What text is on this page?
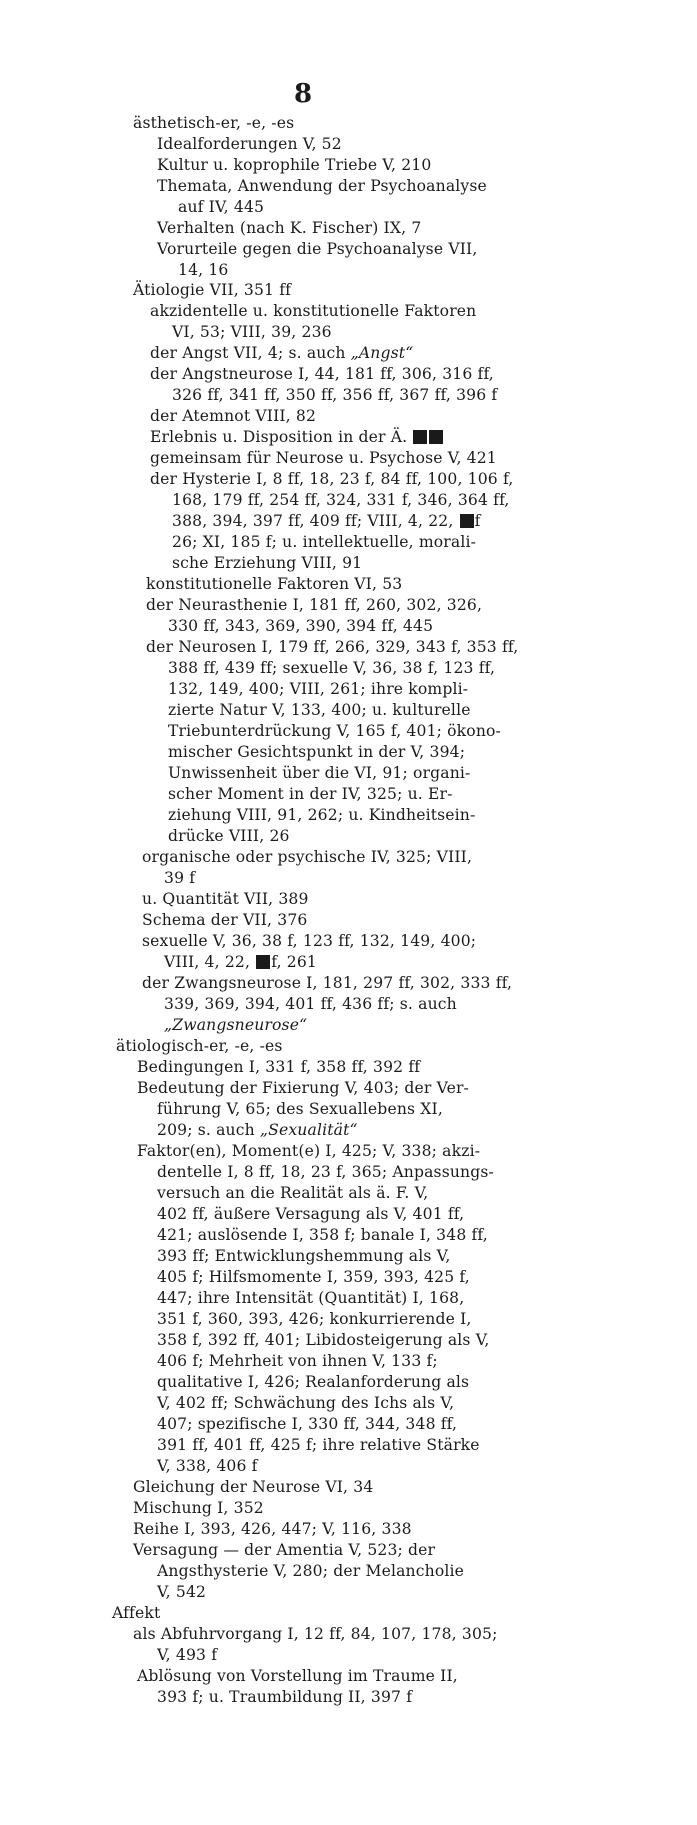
8
ästhetisch-er, -e, -es
Idealforderungen V, 52
Kultur u. koprophile Triebe V, 210
Themata, Anwendung der Psychoanalyse
auf IV, 445
Verhalten (nach K. Fischer) IX, 7
Vorurteile gegen die Psychoanalyse VII,
14, 16
Ätiologie VII, 351 ff
akzidentelle u. konstitutionelle Faktoren
VI, 53; VIII, 39, 236
der Angst VII, 4; s. auch „Angst“
der Angstneurose I, 44, 181 ff, 306, 316 ff,
326 ff, 341 ff, 350 ff, 356 ff, 367 ff, 396 f
der Atemnot VIII, 82
Erlebnis u. Disposition in der Ä.
gemeinsam für Neurose u. Psychose V, 421
der Hysterie I, 8 ff, 18, 23 f, 84 ff, 100, 106 f,
168, 179 ff, 254 ff, 324, 331 f, 346, 364 ff,
388, 394, 397 ff, 409 ff; VIII, 4, 22, f
26; XI, 185 f; u. intellektuelle, morali-
sche Erziehung VIII, 91
konstitutionelle Faktoren VI, 53
der Neurasthenie I, 181 ff, 260, 302, 326,
330 ff, 343, 369, 390, 394 ff, 445
der Neurosen I, 179 ff, 266, 329, 343 f, 353 ff,
388 ff, 439 ff; sexuelle V, 36, 38 f, 123 ff,
132, 149, 400; VIII, 261; ihre kompli-
zierte Natur V, 133, 400; u. kulturelle
Triebunterdrückung V, 165 f, 401; ökono-
mischer Gesichtspunkt in der V, 394;
Unwissenheit über die VI, 91; organi-
scher Moment in der IV, 325; u. Er-
ziehung VIII, 91, 262; u. Kindheitsein-
drücke VIII, 26
organische oder psychische IV, 325; VIII,
39 f
u. Quantität VII, 389
Schema der VII, 376
sexuelle V, 36, 38 f, 123 ff, 132, 149, 400;
VIII, 4, 22, f, 261
der Zwangsneurose I, 181, 297 ff, 302, 333 ff,
339, 369, 394, 401 ff, 436 ff; s. auch
„Zwangsneurose“
ätiologisch-er, -e, -es
Bedingungen I, 331 f, 358 ff, 392 ff
Bedeutung der Fixierung V, 403; der Ver-
führung V, 65; des Sexuallebens XI,
209; s. auch „Sexualität“
Faktor(en), Moment(e) I, 425; V, 338; akzi-
dentelle I, 8 ff, 18, 23 f, 365; Anpassungs-
versuch an die Realität als ä. F. V,
402 ff, äußere Versagung als V, 401 ff,
421; auslösende I, 358 f; banale I, 348 ff,
393 ff; Entwicklungshemmung als V,
405 f; Hilfsmomente I, 359, 393, 425 f,
447; ihre Intensität (Quantität) I, 168,
351 f, 360, 393, 426; konkurrierende I,
358 f, 392 ff, 401; Libidosteigerung als V,
406 f; Mehrheit von ihnen V, 133 f;
qualitative I, 426; Realanforderung als
V, 402 ff; Schwächung des Ichs als V,
407; spezifische I, 330 ff, 344, 348 ff,
391 ff, 401 ff, 425 f; ihre relative Stärke
V, 338, 406 f
Gleichung der Neurose VI, 34
Mischung I, 352
Reihe I, 393, 426, 447; V, 116, 338
Versagung — der Amentia V, 523; der
Angsthysterie V, 280; der Melancholie
V, 542
Affekt
als Abfuhrvorgang I, 12 ff, 84, 107, 178, 305;
V, 493 f
Ablösung von Vorstellung im Traume II,
393 f; u. Traumbildung II, 397 f
